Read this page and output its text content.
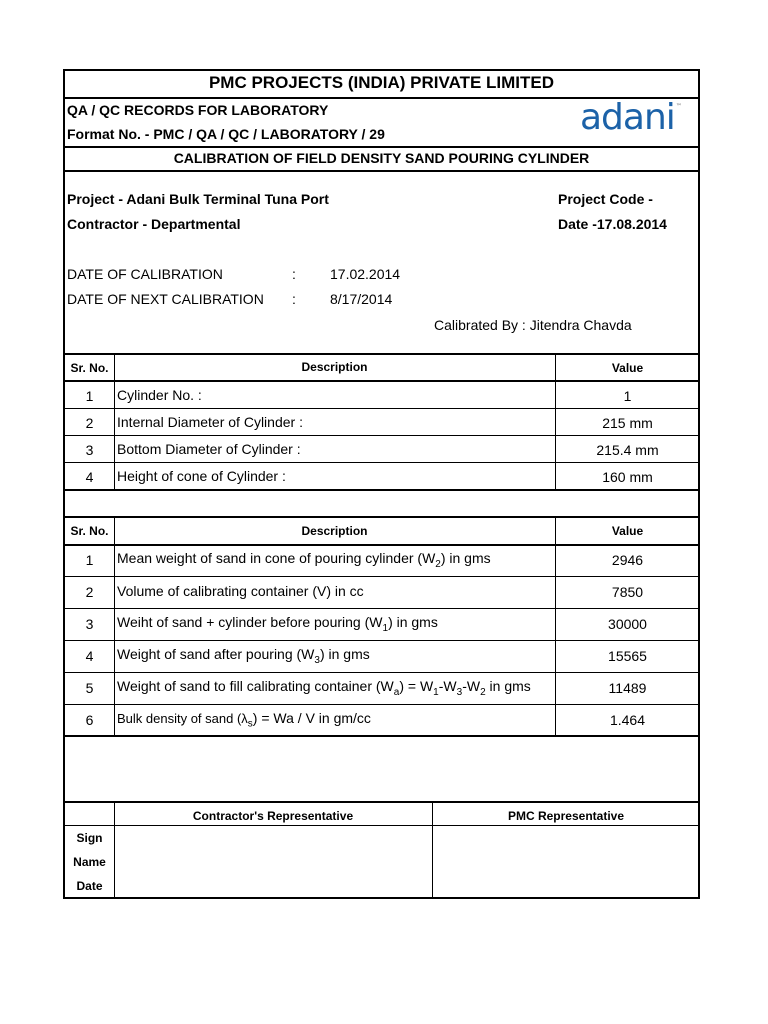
PMC PROJECTS (INDIA) PRIVATE LIMITED
QA / QC RECORDS FOR LABORATORY
Format No. - PMC / QA / QC / LABORATORY / 29	adani ™
CALIBRATION OF FIELD DENSITY SAND POURING CYLINDER
Project - Adani Bulk Terminal Tuna Port
Contractor - Departmental
Project Code -
Date -17.08.2014
DATE OF CALIBRATION	: 17.02.2014
DATE OF NEXT CALIBRATION : 8/17/2014
Calibrated By : Jitendra Chavda
Sr. No.	Description	Value
1	Cylinder No. :	1
2	Internal Diameter of Cylinder :	215 mm
3	Bottom Diameter of Cylinder :	215.4 mm
4	Height of cone of Cylinder :	160 mm
Sr. No.	Description	Value
1	Mean weight of sand in cone of pouring cylinder $(W_2)$ in gms	2946
2	Volume of calibrating container (V) in cc	7850
3	Weiht of sand + cylinder before pouring $(W_1)$ in gms	30000
4	Weight of sand after pouring $(W_3)$ in gms	15565
5	Weight of sand to fill calibrating container $(W_a) = W_1-W_3-W_2$ in gms	11489
6	Bulk density of sand $(\lambda_s) = Wa / V$ in gm/cc	1.464
Contractor's Representative	PMC Representative
Sign
Name
Date
